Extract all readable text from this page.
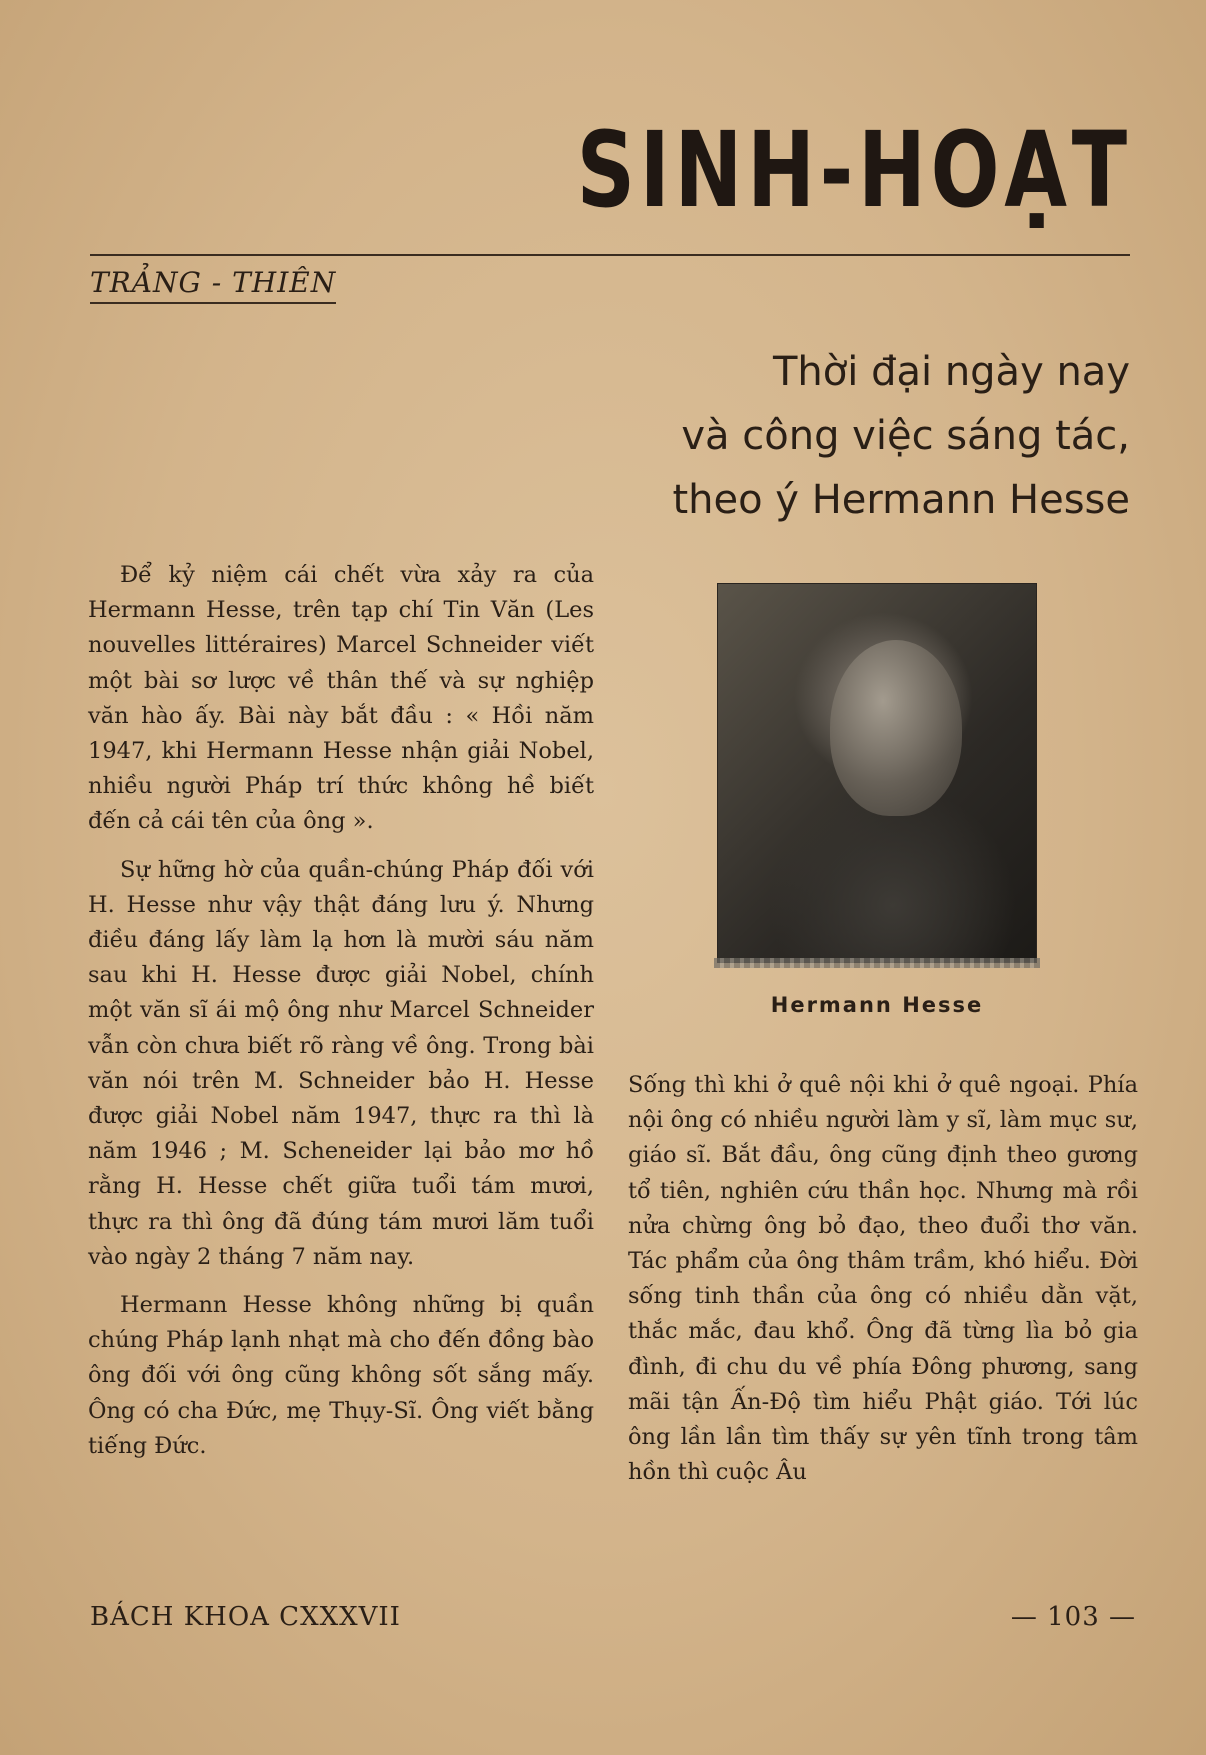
SINH-HOẠT
TRẢNG - THIÊN
Thời đại ngày nay
và công việc sáng tác,
theo ý Hermann Hesse

Để kỷ niệm cái chết vừa xảy ra của Hermann Hesse, trên tạp chí Tin Văn (Les nouvelles littéraires) Marcel Schneider viết một bài sơ lược về thân thế và sự nghiệp văn hào ấy. Bài này bắt đầu : « Hồi năm 1947, khi Hermann Hesse nhận giải Nobel, nhiều người Pháp trí thức không hề biết đến cả cái tên của ông ».

Sự hững hờ của quần-chúng Pháp đối với H. Hesse như vậy thật đáng lưu ý. Nhưng điều đáng lấy làm lạ hơn là mười sáu năm sau khi H. Hesse được giải Nobel, chính một văn sĩ ái mộ ông như Marcel Schneider vẫn còn chưa biết rõ ràng về ông. Trong bài văn nói trên M. Schneider bảo H. Hesse được giải Nobel năm 1947, thực ra thì là năm 1946 ; M. Scheneider lại bảo mơ hồ rằng H. Hesse chết giữa tuổi tám mươi, thực ra thì ông đã đúng tám mươi lăm tuổi vào ngày 2 tháng 7 năm nay.

Hermann Hesse không những bị quần chúng Pháp lạnh nhạt mà cho đến đồng bào ông đối với ông cũng không sốt sắng mấy. Ông có cha Đức, mẹ Thụy-Sĩ. Ông viết bằng tiếng Đức.

Hermann Hesse

Sống thì khi ở quê nội khi ở quê ngoại. Phía nội ông có nhiều người làm y sĩ, làm mục sư, giáo sĩ. Bắt đầu, ông cũng định theo gương tổ tiên, nghiên cứu thần học. Nhưng mà rồi nửa chừng ông bỏ đạo, theo đuổi thơ văn. Tác phẩm của ông thâm trầm, khó hiểu. Đời sống tinh thần của ông có nhiều dằn vặt, thắc mắc, đau khổ. Ông đã từng lìa bỏ gia đình, đi chu du về phía Đông phương, sang mãi tận Ấn-Độ tìm hiểu Phật giáo. Tới lúc ông lần lần tìm thấy sự yên tĩnh trong tâm hồn thì cuộc Âu

BÁCH KHOA CXXXVII	— 103 —
